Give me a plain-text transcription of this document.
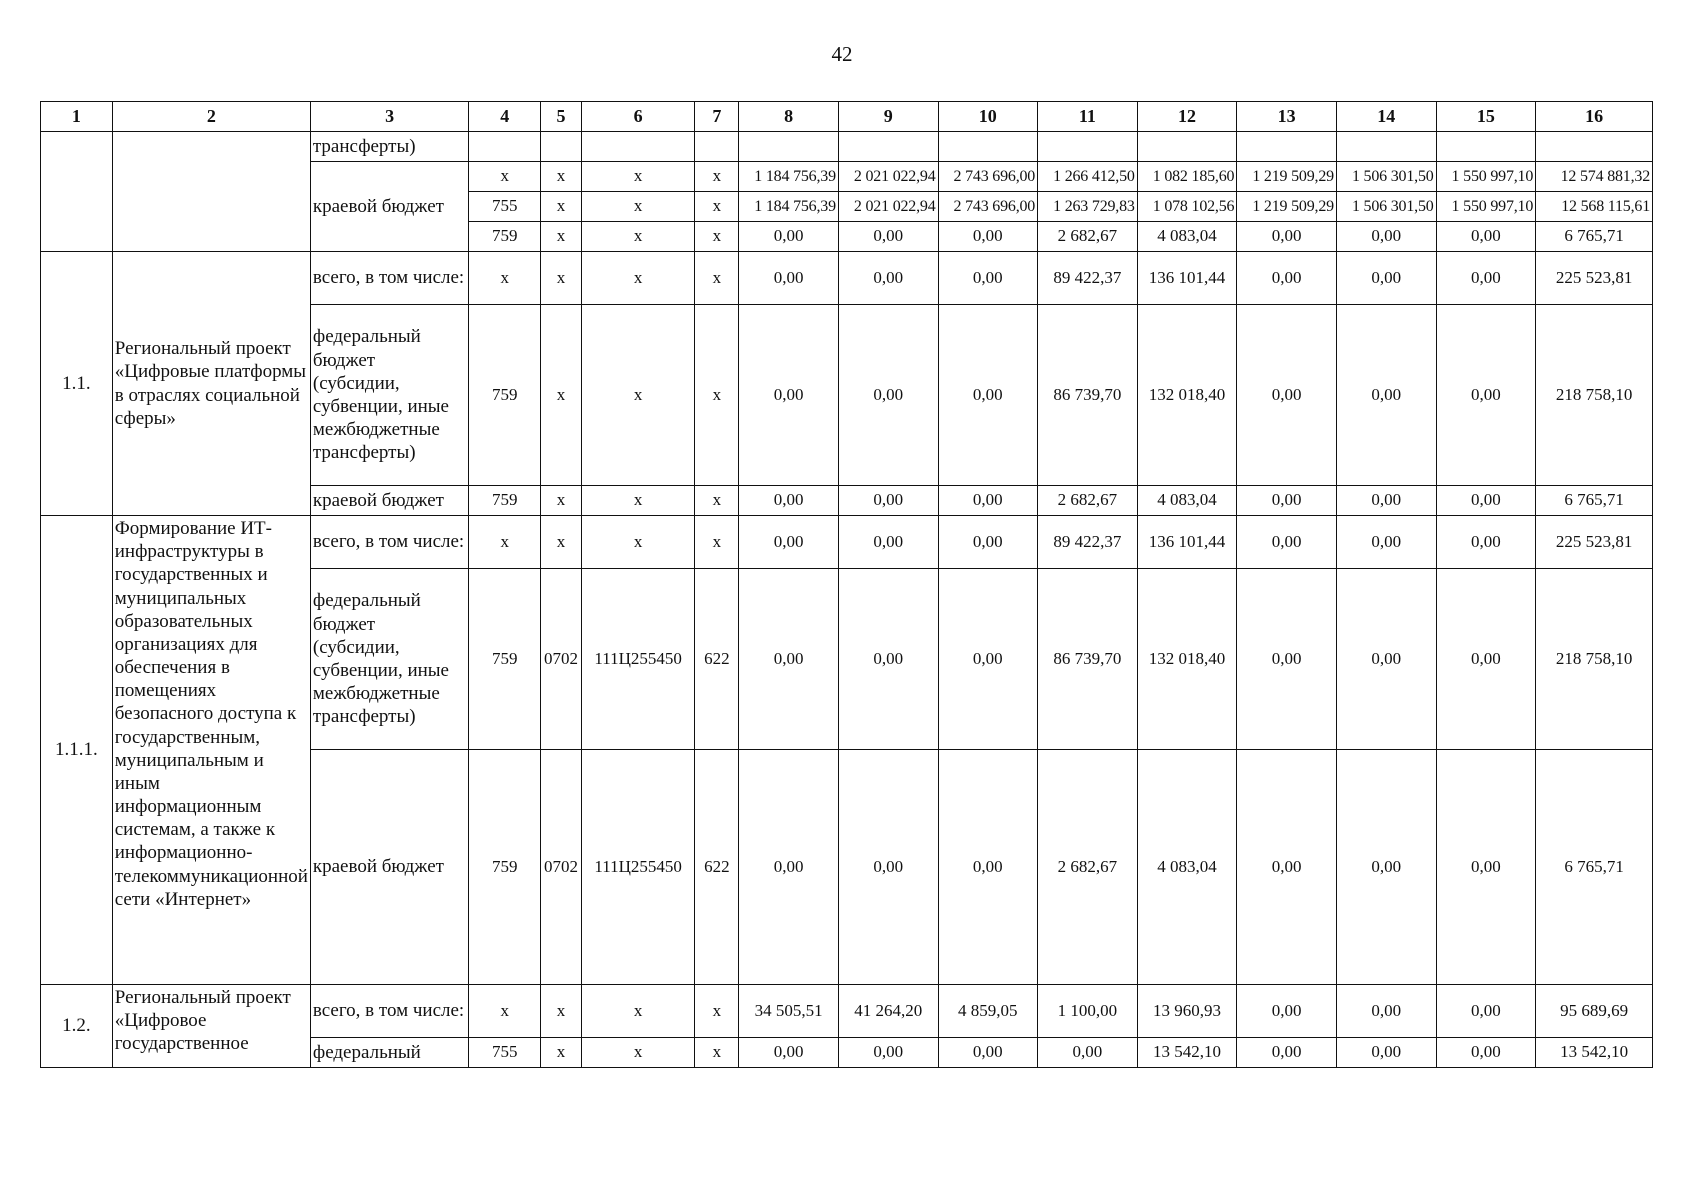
42
1	2	3	4	5	6	7	8	9	10	11	12	13	14	15	16
		трансферты)													
		краевой бюджет	x	x	x	x	1 184 756,39	2 021 022,94	2 743 696,00	1 266 412,50	1 082 185,60	1 219 509,29	1 506 301,50	1 550 997,10	12 574 881,32
			755	x	x	x	1 184 756,39	2 021 022,94	2 743 696,00	1 263 729,83	1 078 102,56	1 219 509,29	1 506 301,50	1 550 997,10	12 568 115,61
			759	x	x	x	0,00	0,00	0,00	2 682,67	4 083,04	0,00	0,00	0,00	6 765,71
1.1.	Региональный проект «Цифровые платформы в отраслях социальной сферы»	всего, в том числе:	x	x	x	x	0,00	0,00	0,00	89 422,37	136 101,44	0,00	0,00	0,00	225 523,81
		федеральный бюджет (субсидии, субвенции, иные межбюджетные трансферты)	759	x	x	x	0,00	0,00	0,00	86 739,70	132 018,40	0,00	0,00	0,00	218 758,10
		краевой бюджет	759	x	x	x	0,00	0,00	0,00	2 682,67	4 083,04	0,00	0,00	0,00	6 765,71
1.1.1.	Формирование ИТ-инфраструктуры в государственных и муниципальных образовательных организациях для обеспечения в помещениях безопасного доступа к государственным, муниципальным и иным информационным системам, а также к информационно-телекоммуникационной сети «Интернет»	всего, в том числе:	x	x	x	x	0,00	0,00	0,00	89 422,37	136 101,44	0,00	0,00	0,00	225 523,81
		федеральный бюджет (субсидии, субвенции, иные межбюджетные трансферты)	759	0702	111Ц255450	622	0,00	0,00	0,00	86 739,70	132 018,40	0,00	0,00	0,00	218 758,10
		краевой бюджет	759	0702	111Ц255450	622	0,00	0,00	0,00	2 682,67	4 083,04	0,00	0,00	0,00	6 765,71
1.2.	Региональный проект «Цифровое государственное	всего, в том числе:	x	x	x	x	34 505,51	41 264,20	4 859,05	1 100,00	13 960,93	0,00	0,00	0,00	95 689,69
		федеральный	755	x	x	x	0,00	0,00	0,00	0,00	13 542,10	0,00	0,00	0,00	13 542,10
